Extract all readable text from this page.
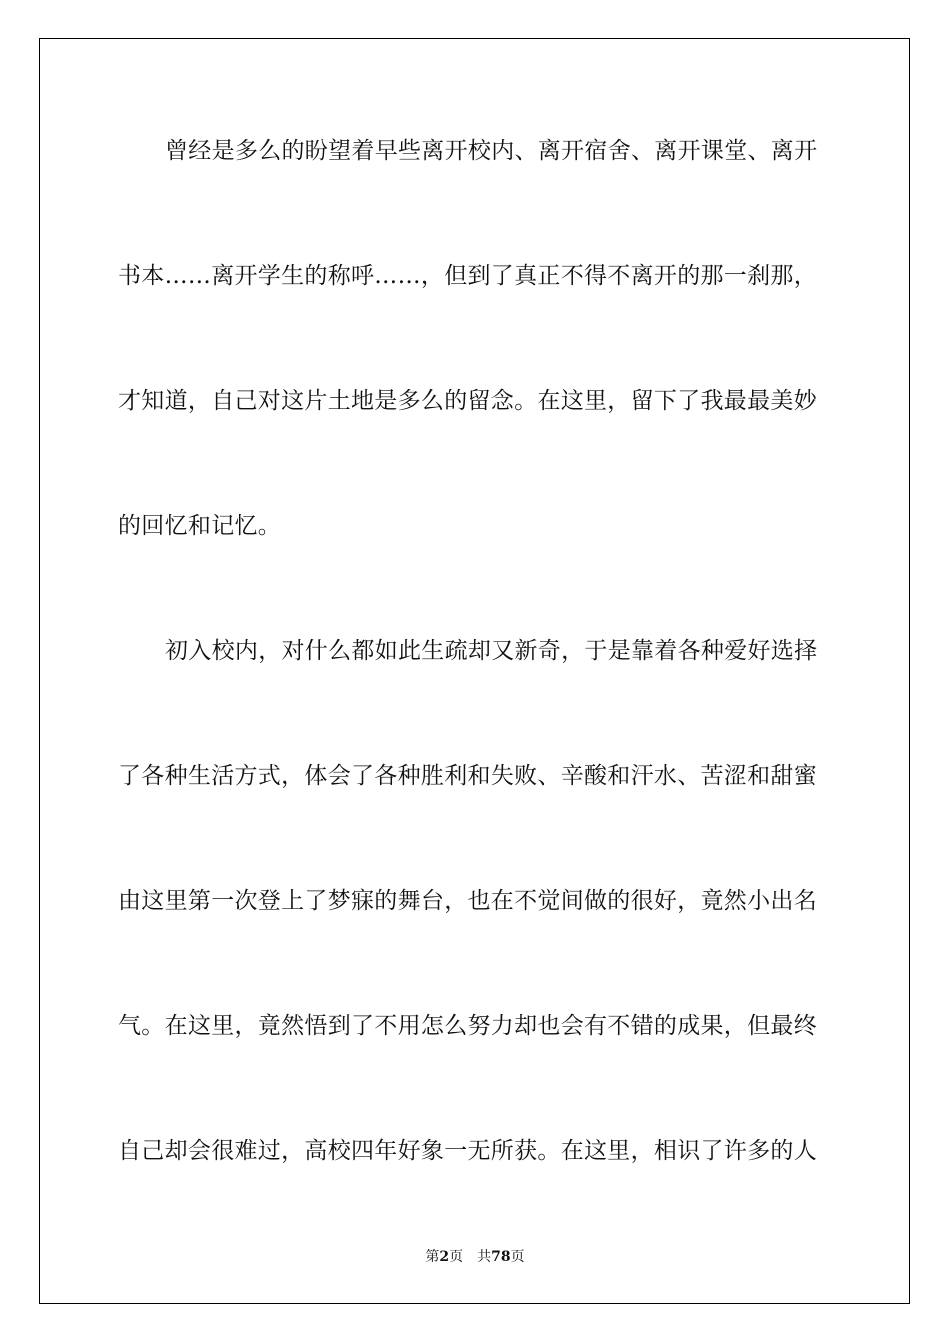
曾经是多么的盼望着早些离开校内、离开宿舍、离开课堂、离开
书本……离开学生的称呼……，但到了真正不得不离开的那一刹那，
才知道，自己对这片土地是多么的留念。在这里，留下了我最最美妙
的回忆和记忆。
初入校内，对什么都如此生疏却又新奇，于是靠着各种爱好选择
了各种生活方式，体会了各种胜利和失败、辛酸和汗水、苦涩和甜蜜
由这里第一次登上了梦寐的舞台，也在不觉间做的很好，竟然小出名
气。在这里，竟然悟到了不用怎么努力却也会有不错的成果，但最终
自己却会很难过，高校四年好象一无所获。在这里，相识了许多的人
第2页 共78页
